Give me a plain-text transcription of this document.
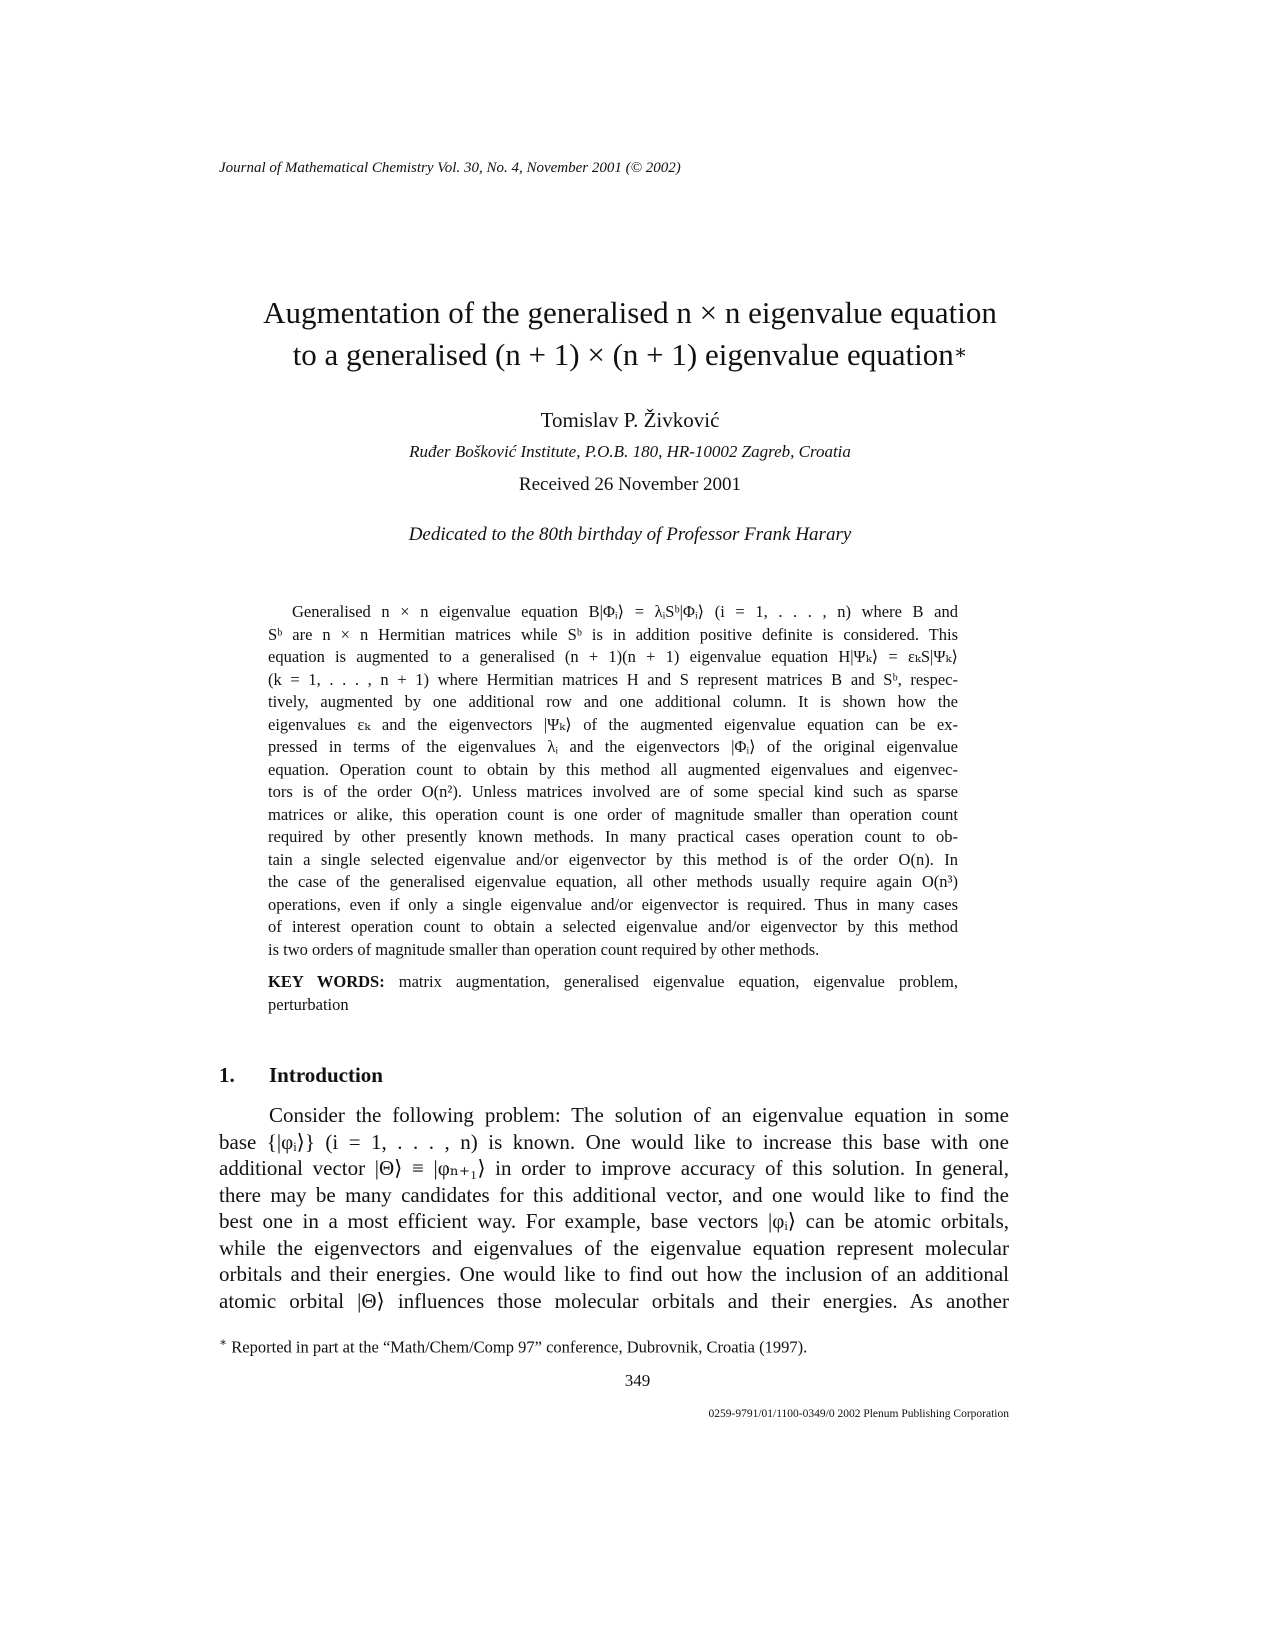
Journal of Mathematical Chemistry Vol. 30, No. 4, November 2001 (© 2002)
Augmentation of the generalised n × n eigenvalue equation
to a generalised (n + 1) × (n + 1) eigenvalue equation∗
Tomislav P. Živković
Ruđer Bošković Institute, P.O.B. 180, HR-10002 Zagreb, Croatia
Received 26 November 2001
Dedicated to the 80th birthday of Professor Frank Harary
Generalised n × n eigenvalue equation B|Φᵢ⟩ = λᵢSᵇ|Φᵢ⟩ (i = 1, . . . , n) where B and
Sᵇ are n × n Hermitian matrices while Sᵇ is in addition positive definite is considered. This
equation is augmented to a generalised (n + 1)(n + 1) eigenvalue equation H|Ψₖ⟩ = εₖS|Ψₖ⟩
(k = 1, . . . , n + 1) where Hermitian matrices H and S represent matrices B and Sᵇ, respec-
tively, augmented by one additional row and one additional column. It is shown how the
eigenvalues εₖ and the eigenvectors |Ψₖ⟩ of the augmented eigenvalue equation can be ex-
pressed in terms of the eigenvalues λᵢ and the eigenvectors |Φᵢ⟩ of the original eigenvalue
equation. Operation count to obtain by this method all augmented eigenvalues and eigenvec-
tors is of the order O(n²). Unless matrices involved are of some special kind such as sparse
matrices or alike, this operation count is one order of magnitude smaller than operation count
required by other presently known methods. In many practical cases operation count to ob-
tain a single selected eigenvalue and/or eigenvector by this method is of the order O(n). In
the case of the generalised eigenvalue equation, all other methods usually require again O(n³)
operations, even if only a single eigenvalue and/or eigenvector is required. Thus in many cases
of interest operation count to obtain a selected eigenvalue and/or eigenvector by this method
is two orders of magnitude smaller than operation count required by other methods.
KEY WORDS: matrix augmentation, generalised eigenvalue equation, eigenvalue problem,
perturbation
1. Introduction
Consider the following problem: The solution of an eigenvalue equation in some
base {|φᵢ⟩} (i = 1, . . . , n) is known. One would like to increase this base with one
additional vector |Θ⟩ ≡ |φₙ₊₁⟩ in order to improve accuracy of this solution. In general,
there may be many candidates for this additional vector, and one would like to find the
best one in a most efficient way. For example, base vectors |φᵢ⟩ can be atomic orbitals,
while the eigenvectors and eigenvalues of the eigenvalue equation represent molecular
orbitals and their energies. One would like to find out how the inclusion of an additional
atomic orbital |Θ⟩ influences those molecular orbitals and their energies. As another
∗ Reported in part at the “Math/Chem/Comp 97” conference, Dubrovnik, Croatia (1997).
349
0259-9791/01/1100-0349/0 2002 Plenum Publishing Corporation
